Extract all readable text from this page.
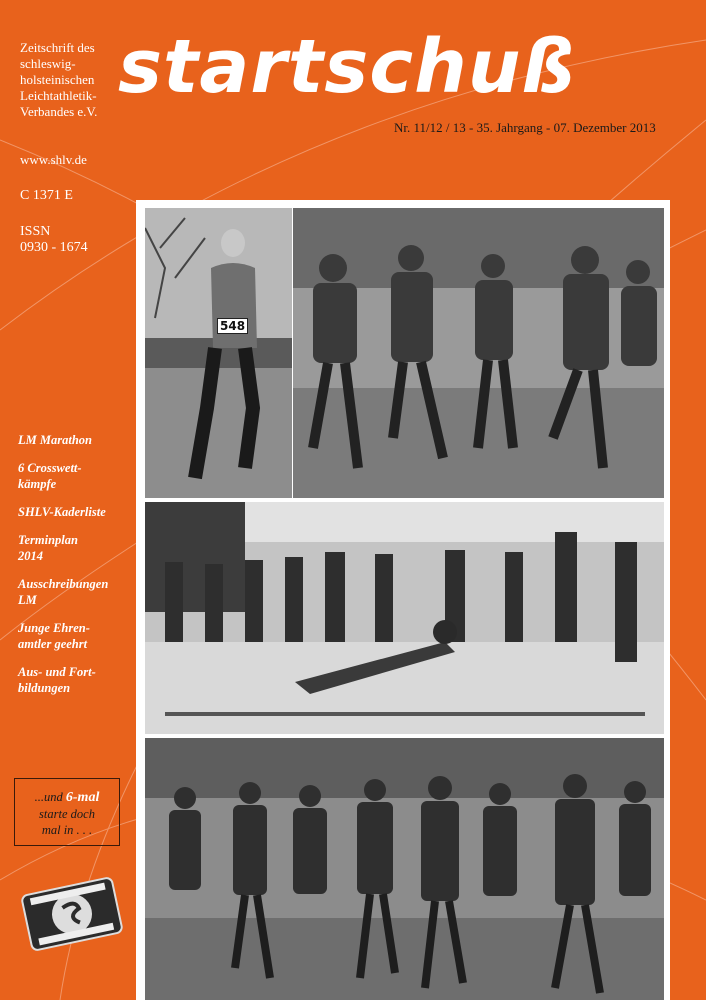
startschuß
Zeitschrift des
schleswig-
holsteinischen
Leichtathletik-
Verbandes e.V.
www.shlv.de
C 1371 E
ISSN
0930 - 1674
Nr. 11/12 / 13 - 35. Jahrgang - 07. Dezember 2013
LM Marathon
6 Crosswett-
kämpfe
SHLV-Kaderliste
Terminplan
2014
Ausschreibungen
LM
Junge Ehren-
amtler geehrt
Aus- und Fort-
bildungen
...und 6-mal
starte doch
mal in . . .
548
